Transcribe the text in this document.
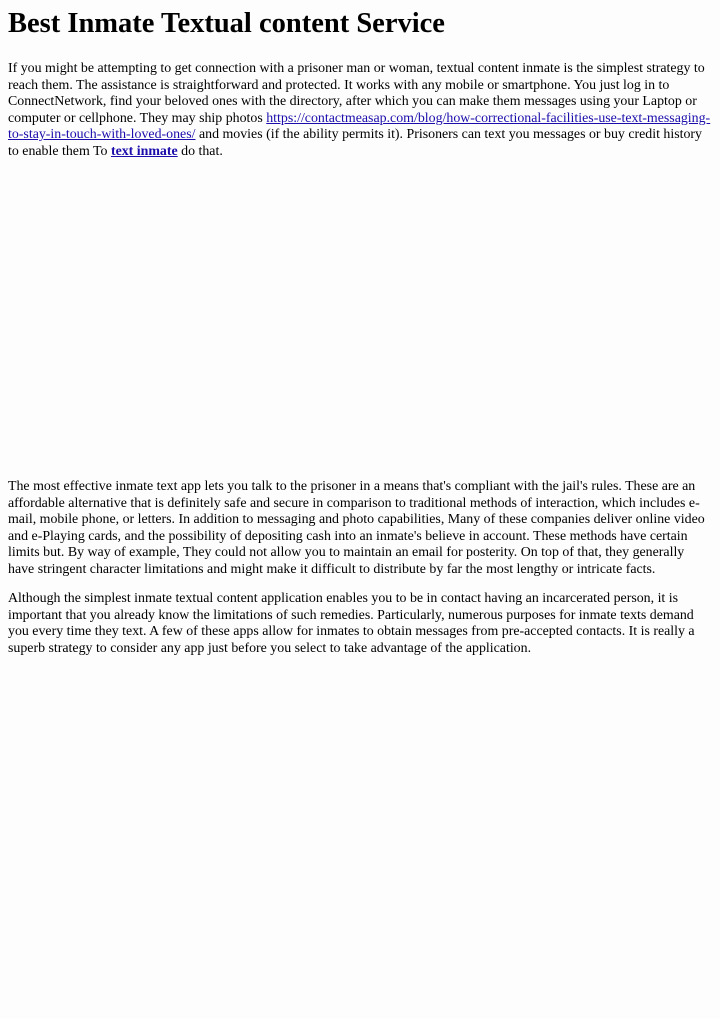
Best Inmate Textual content Service

If you might be attempting to get connection with a prisoner man or woman, textual content inmate is the simplest strategy to reach them. The assistance is straightforward and protected. It works with any mobile or smartphone. You just log in to ConnectNetwork, find your beloved ones with the directory, after which you can make them messages using your Laptop or computer or cellphone. They may ship photos https://contactmeasap.com/blog/how-correctional-facilities-use-text-messaging-to-stay-in-touch-with-loved-ones/ and movies (if the ability permits it). Prisoners can text you messages or buy credit history to enable them To text inmate do that.

The most effective inmate text app lets you talk to the prisoner in a means that's compliant with the jail's rules. These are an affordable alternative that is definitely safe and secure in comparison to traditional methods of interaction, which includes e-mail, mobile phone, or letters. In addition to messaging and photo capabilities, Many of these companies deliver online video and e-Playing cards, and the possibility of depositing cash into an inmate's believe in account. These methods have certain limits but. By way of example, They could not allow you to maintain an email for posterity. On top of that, they generally have stringent character limitations and might make it difficult to distribute by far the most lengthy or intricate facts.

Although the simplest inmate textual content application enables you to be in contact having an incarcerated person, it is important that you already know the limitations of such remedies. Particularly, numerous purposes for inmate texts demand you every time they text. A few of these apps allow for inmates to obtain messages from pre-accepted contacts. It is really a superb strategy to consider any app just before you select to take advantage of the application.
